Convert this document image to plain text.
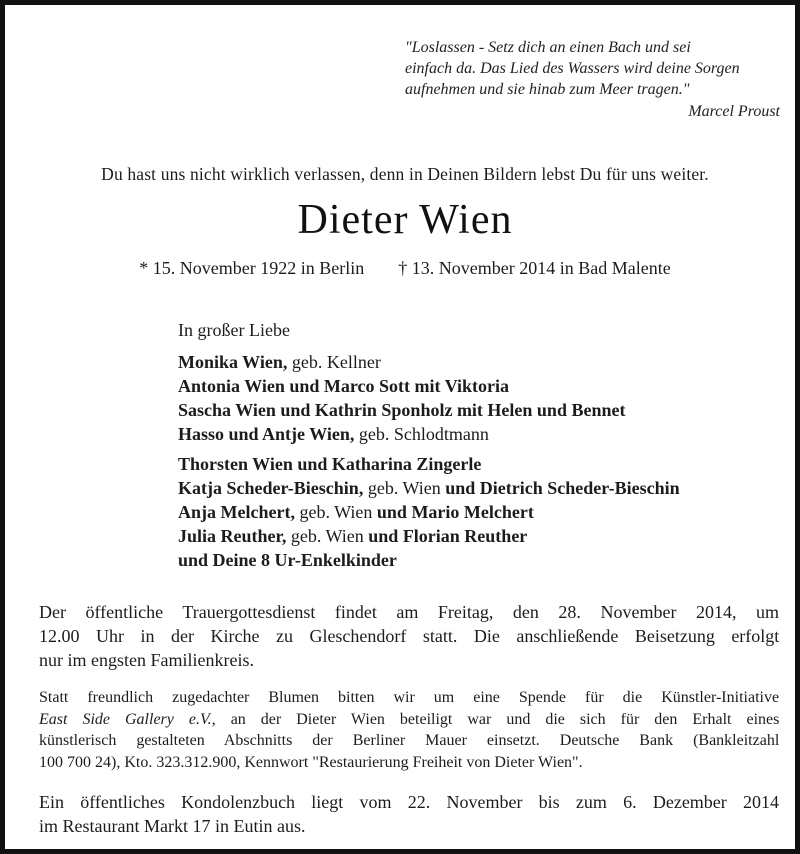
"Loslassen - Setz dich an einen Bach und sei
einfach da. Das Lied des Wassers wird deine Sorgen
aufnehmen und sie hinab zum Meer tragen."
Marcel Proust
Du hast uns nicht wirklich verlassen, denn in Deinen Bildern lebst Du für uns weiter.
Dieter Wien
* 15. November 1922 in Berlin † 13. November 2014 in Bad Malente
In großer Liebe
Monika Wien, geb. Kellner
Antonia Wien und Marco Sott mit Viktoria
Sascha Wien und Kathrin Sponholz mit Helen und Bennet
Hasso und Antje Wien, geb. Schlodtmann
Thorsten Wien und Katharina Zingerle
Katja Scheder-Bieschin, geb. Wien und Dietrich Scheder-Bieschin
Anja Melchert, geb. Wien und Mario Melchert
Julia Reuther, geb. Wien und Florian Reuther
und Deine 8 Ur-Enkelkinder
Der öffentliche Trauergottesdienst findet am Freitag, den 28. November 2014, um
12.00 Uhr in der Kirche zu Gleschendorf statt. Die anschließende Beisetzung erfolgt
nur im engsten Familienkreis.
Statt freundlich zugedachter Blumen bitten wir um eine Spende für die Künstler-Initiative
East Side Gallery e.V., an der Dieter Wien beteiligt war und die sich für den Erhalt eines
künstlerisch gestalteten Abschnitts der Berliner Mauer einsetzt. Deutsche Bank (Bankleitzahl
100 700 24), Kto. 323.312.900, Kennwort "Restaurierung Freiheit von Dieter Wien".
Ein öffentliches Kondolenzbuch liegt vom 22. November bis zum 6. Dezember 2014
im Restaurant Markt 17 in Eutin aus.
